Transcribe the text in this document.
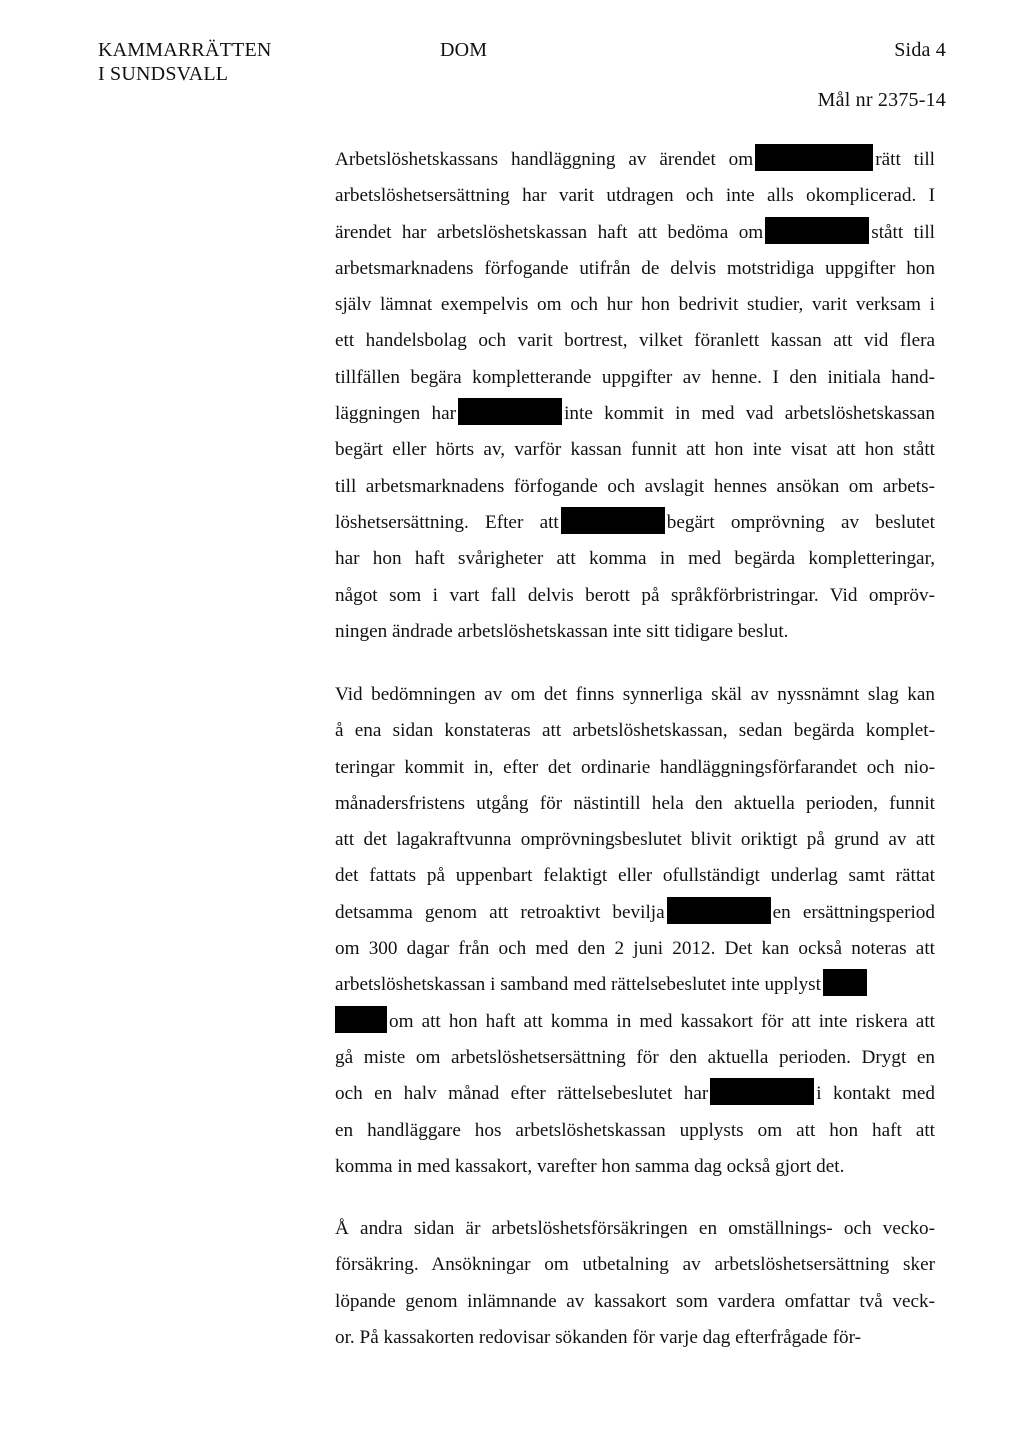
KAMMARRÄTTEN
I SUNDSVALL
DOM	Sida 4
Mål nr 2375-14
Arbetslöshetskassans handläggning av ärendet om	rätt till
arbetslöshetsersättning har varit utdragen och inte alls okomplicerad. I
ärendet har arbetslöshetskassan haft att bedöma om	stått till
arbetsmarknadens förfogande utifrån de delvis motstridiga uppgifter hon
själv lämnat exempelvis om och hur hon bedrivit studier, varit verksam i
ett handelsbolag och varit bortrest, vilket föranlett kassan att vid flera
tillfällen begära kompletterande uppgifter av henne. I den initiala hand-
läggningen har	inte kommit in med vad arbetslöshetskassan
begärt eller hörts av, varför kassan funnit att hon inte visat att hon stått
till arbetsmarknadens förfogande och avslagit hennes ansökan om arbets-
löshetsersättning. Efter att	begärt omprövning av beslutet
har hon haft svårigheter att komma in med begärda kompletteringar,
något som i vart fall delvis berott på språkförbristringar. Vid ompröv-
ningen ändrade arbetslöshetskassan inte sitt tidigare beslut.
Vid bedömningen av om det finns synnerliga skäl av nyssnämnt slag kan
å ena sidan konstateras att arbetslöshetskassan, sedan begärda komplet-
teringar kommit in, efter det ordinarie handläggningsförfarandet och nio-
månadersfristens utgång för nästintill hela den aktuella perioden, funnit
att det lagakraftvunna omprövningsbeslutet blivit oriktigt på grund av att
det fattats på uppenbart felaktigt eller ofullständigt underlag samt rättat
detsamma genom att retroaktivt bevilja	en ersättningsperiod
om 300 dagar från och med den 2 juni 2012. Det kan också noteras att
arbetslöshetskassan i samband med rättelsebeslutet inte upplyst
om att hon haft att komma in med kassakort för att inte riskera att
gå miste om arbetslöshetsersättning för den aktuella perioden. Drygt en
och en halv månad efter rättelsebeslutet har	i kontakt med
en handläggare hos arbetslöshetskassan upplysts om att hon haft att
komma in med kassakort, varefter hon samma dag också gjort det.
Å andra sidan är arbetslöshetsförsäkringen en omställnings- och vecko-
försäkring. Ansökningar om utbetalning av arbetslöshetsersättning sker
löpande genom inlämnande av kassakort som vardera omfattar två veck-
or. På kassakorten redovisar sökanden för varje dag efterfrågade för-
